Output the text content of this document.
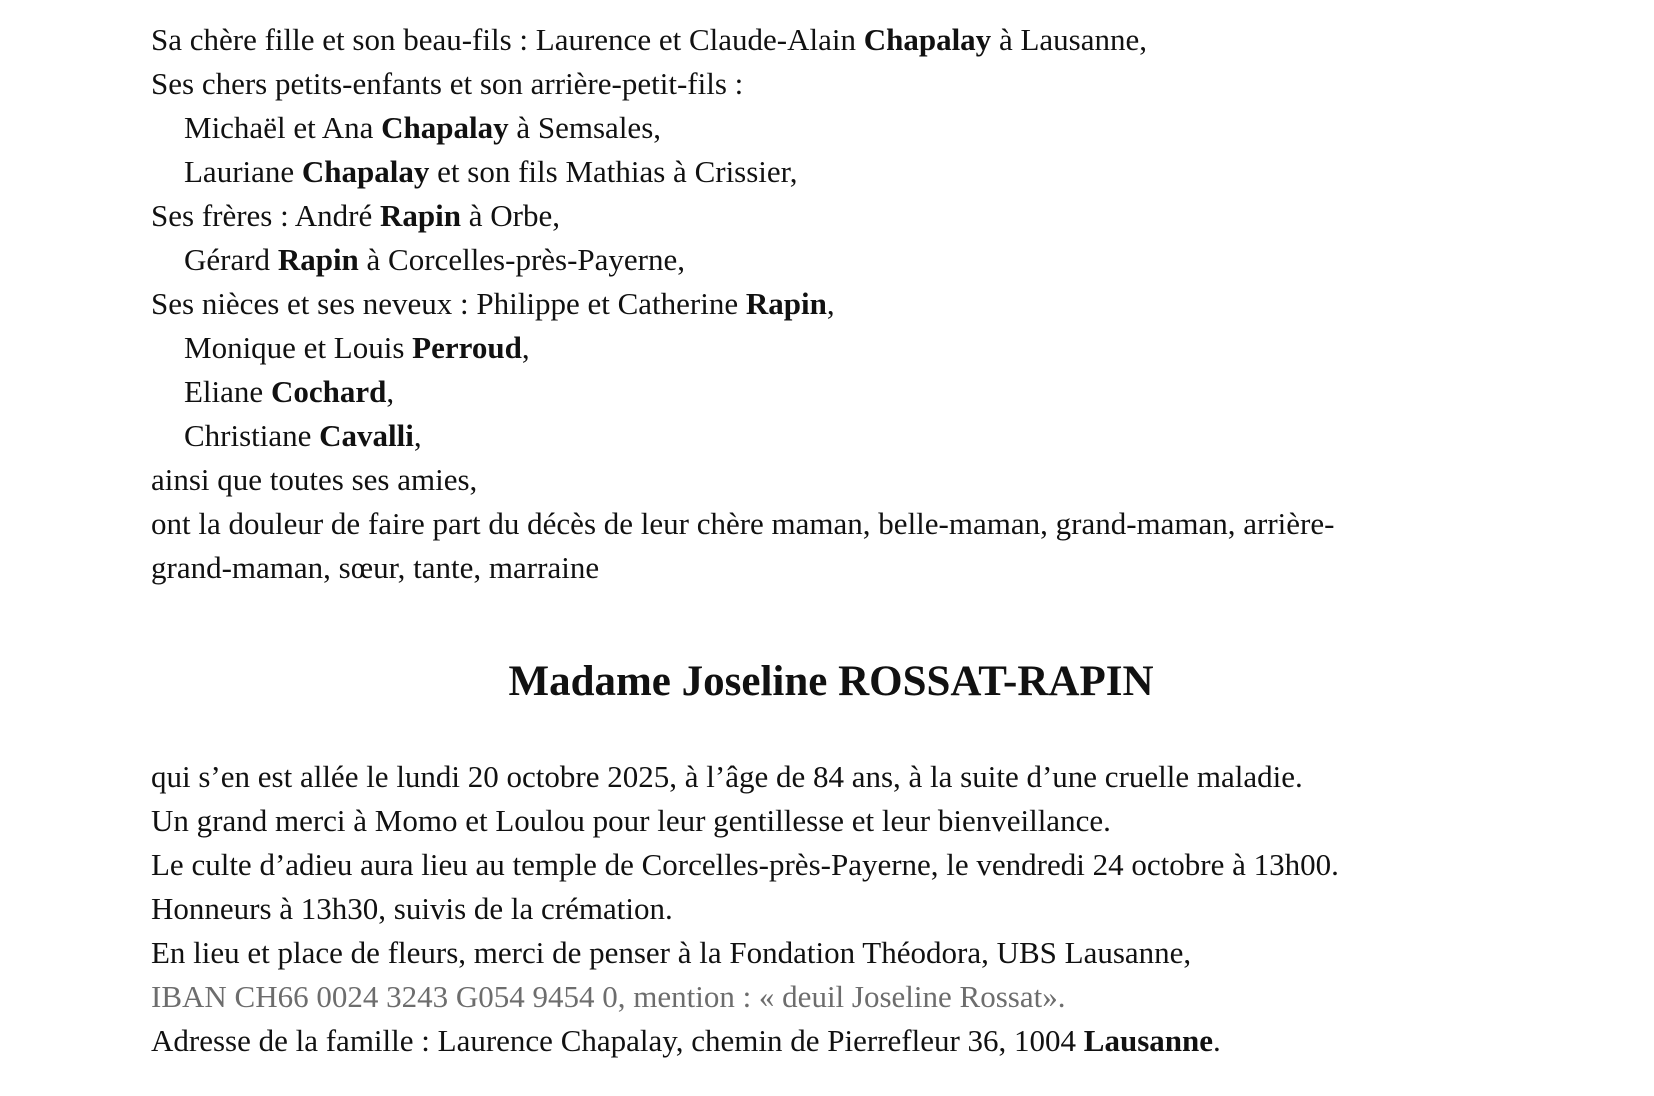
Sa chère fille et son beau-fils : Laurence et Claude-Alain Chapalay à Lausanne,
Ses chers petits-enfants et son arrière-petit-fils :
Michaël et Ana Chapalay à Semsales,
Lauriane Chapalay et son fils Mathias à Crissier,
Ses frères : André Rapin à Orbe,
Gérard Rapin à Corcelles-près-Payerne,
Ses nièces et ses neveux : Philippe et Catherine Rapin,
Monique et Louis Perroud,
Eliane Cochard,
Christiane Cavalli,
ainsi que toutes ses amies,
ont la douleur de faire part du décès de leur chère maman, belle-maman, grand-maman, arrière-
grand-maman, sœur, tante, marraine
Madame Joseline ROSSAT-RAPIN
qui s’en est allée le lundi 20 octobre 2025, à l’âge de 84 ans, à la suite d’une cruelle maladie.
Un grand merci à Momo et Loulou pour leur gentillesse et leur bienveillance.
Le culte d’adieu aura lieu au temple de Corcelles-près-Payerne, le vendredi 24 octobre à 13h00.
Honneurs à 13h30, suivis de la crémation.
En lieu et place de fleurs, merci de penser à la Fondation Théodora, UBS Lausanne,
IBAN CH66 0024 3243 G054 9454 0, mention : « deuil Joseline Rossat».
Adresse de la famille : Laurence Chapalay, chemin de Pierrefleur 36, 1004 Lausanne.
